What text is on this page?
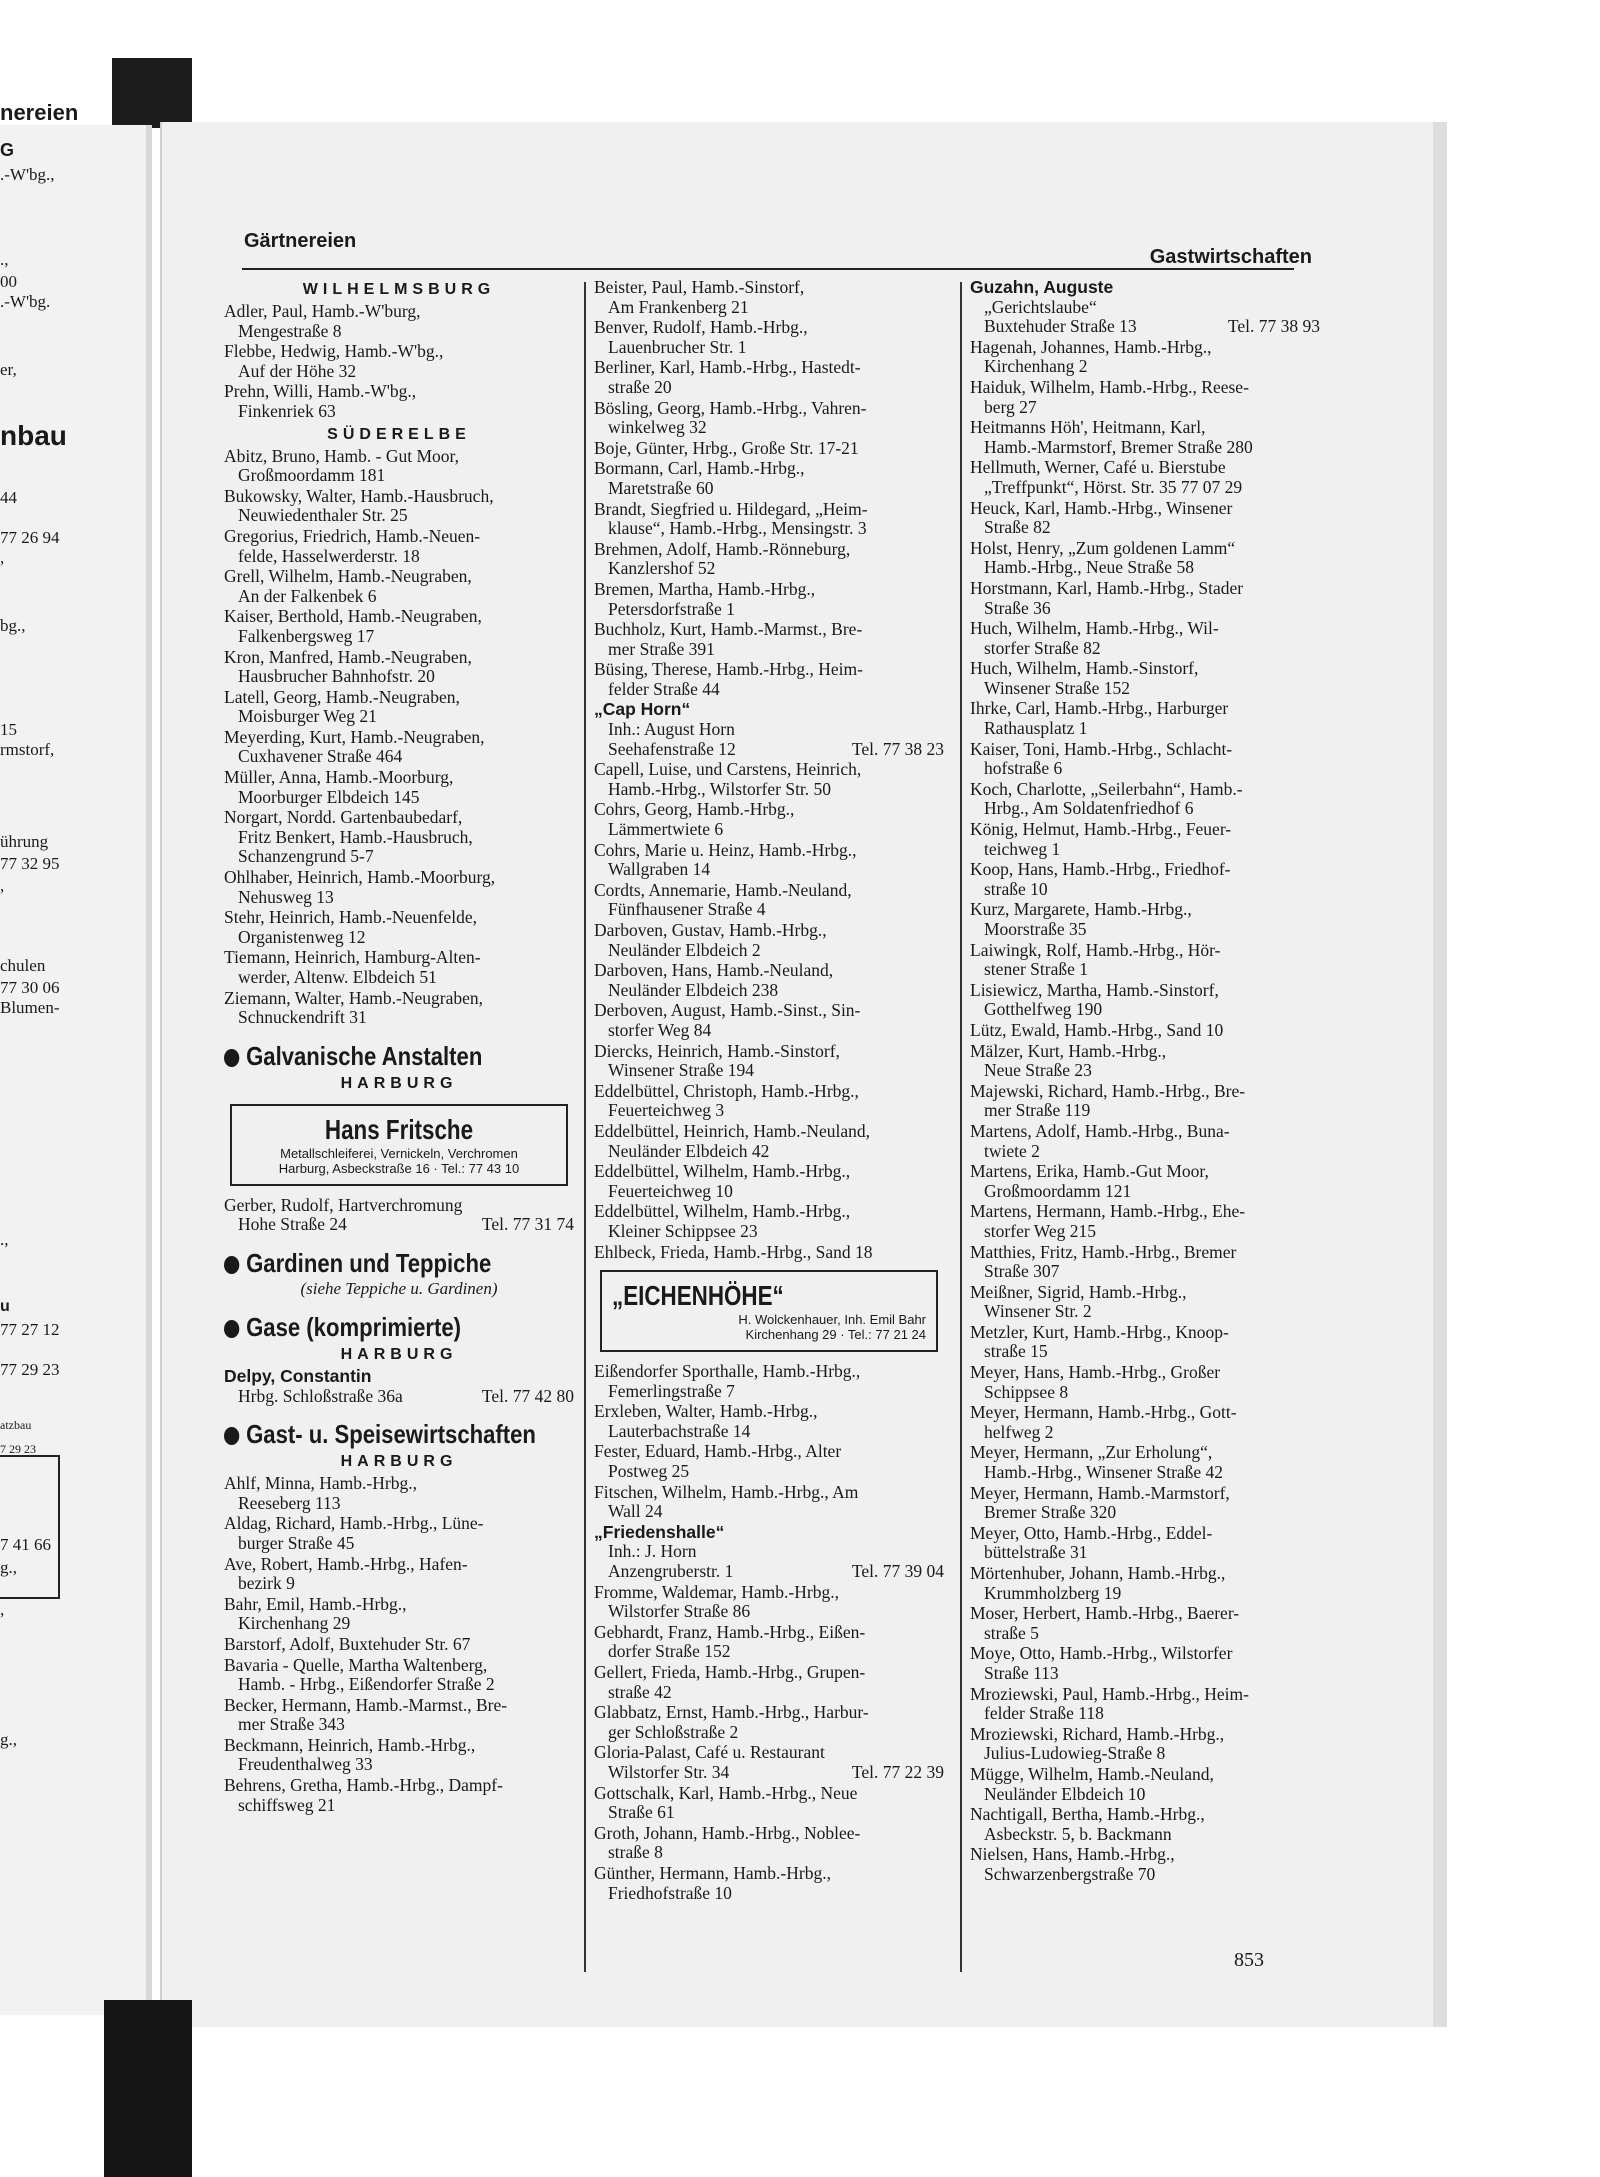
nereien
G
.-W'bg.,
.,
00
.-W'bg.
er,
nbau
44
77 26 94
,
bg.,
15
rmstorf,
ührung
77 32 95
,
chulen
77 30 06
Blumen-
.,
u
77 27 12
77 29 23
atzbau
7 29 23
7 41 66
g.,
,
g.,
Gärtnereien
Gastwirtschaften
WILHELMSBURG
Adler, Paul, Hamb.-W'burg,
Mengestraße 8
Flebbe, Hedwig, Hamb.-W'bg.,
Auf der Höhe 32
Prehn, Willi, Hamb.-W'bg.,
Finkenriek 63
SÜDERELBE
Abitz, Bruno, Hamb. - Gut Moor,
Großmoordamm 181
Bukowsky, Walter, Hamb.-Hausbruch,
Neuwiedenthaler Str. 25
Gregorius, Friedrich, Hamb.-Neuen-
felde, Hasselwerderstr. 18
Grell, Wilhelm, Hamb.-Neugraben,
An der Falkenbek 6
Kaiser, Berthold, Hamb.-Neugraben,
Falkenbergsweg 17
Kron, Manfred, Hamb.-Neugraben,
Hausbrucher Bahnhofstr. 20
Latell, Georg, Hamb.-Neugraben,
Moisburger Weg 21
Meyerding, Kurt, Hamb.-Neugraben,
Cuxhavener Straße 464
Müller, Anna, Hamb.-Moorburg,
Moorburger Elbdeich 145
Norgart, Nordd. Gartenbaubedarf,
Fritz Benkert, Hamb.-Hausbruch,
Schanzengrund 5-7
Ohlhaber, Heinrich, Hamb.-Moorburg,
Nehusweg 13
Stehr, Heinrich, Hamb.-Neuenfelde,
Organistenweg 12
Tiemann, Heinrich, Hamburg-Alten-
werder, Altenw. Elbdeich 51
Ziemann, Walter, Hamb.-Neugraben,
Schnuckendrift 31
Galvanische Anstalten
HARBURG
Hans Fritsche
Metallschleiferei, Vernickeln, Verchromen
Harburg, Asbeckstraße 16 · Tel.: 77 43 10
Gerber, Rudolf, Hartverchromung
Hohe Straße 24	Tel. 77 31 74
Gardinen und Teppiche
(siehe Teppiche u. Gardinen)
Gase (komprimierte)
HARBURG
Delpy, Constantin
Hrbg. Schloßstraße 36a	Tel. 77 42 80
Gast- u. Speisewirtschaften
HARBURG
Ahlf, Minna, Hamb.-Hrbg.,
Reeseberg 113
Aldag, Richard, Hamb.-Hrbg., Lüne-
burger Straße 45
Ave, Robert, Hamb.-Hrbg., Hafen-
bezirk 9
Bahr, Emil, Hamb.-Hrbg.,
Kirchenhang 29
Barstorf, Adolf, Buxtehuder Str. 67
Bavaria - Quelle, Martha Waltenberg,
Hamb. - Hrbg., Eißendorfer Straße 2
Becker, Hermann, Hamb.-Marmst., Bre-
mer Straße 343
Beckmann, Heinrich, Hamb.-Hrbg.,
Freudenthalweg 33
Behrens, Gretha, Hamb.-Hrbg., Dampf-
schiffsweg 21
Beister, Paul, Hamb.-Sinstorf,
Am Frankenberg 21
Benver, Rudolf, Hamb.-Hrbg.,
Lauenbrucher Str. 1
Berliner, Karl, Hamb.-Hrbg., Hastedt-
straße 20
Bösling, Georg, Hamb.-Hrbg., Vahren-
winkelweg 32
Boje, Günter, Hrbg., Große Str. 17-21
Bormann, Carl, Hamb.-Hrbg.,
Maretstraße 60
Brandt, Siegfried u. Hildegard, „Heim-
klause“, Hamb.-Hrbg., Mensingstr. 3
Brehmen, Adolf, Hamb.-Rönneburg,
Kanzlershof 52
Bremen, Martha, Hamb.-Hrbg.,
Petersdorfstraße 1
Buchholz, Kurt, Hamb.-Marmst., Bre-
mer Straße 391
Büsing, Therese, Hamb.-Hrbg., Heim-
felder Straße 44
„Cap Horn“
Inh.: August Horn
Seehafenstraße 12	Tel. 77 38 23
Capell, Luise, und Carstens, Heinrich,
Hamb.-Hrbg., Wilstorfer Str. 50
Cohrs, Georg, Hamb.-Hrbg.,
Lämmertwiete 6
Cohrs, Marie u. Heinz, Hamb.-Hrbg.,
Wallgraben 14
Cordts, Annemarie, Hamb.-Neuland,
Fünfhausener Straße 4
Darboven, Gustav, Hamb.-Hrbg.,
Neuländer Elbdeich 2
Darboven, Hans, Hamb.-Neuland,
Neuländer Elbdeich 238
Derboven, August, Hamb.-Sinst., Sin-
storfer Weg 84
Diercks, Heinrich, Hamb.-Sinstorf,
Winsener Straße 194
Eddelbüttel, Christoph, Hamb.-Hrbg.,
Feuerteichweg 3
Eddelbüttel, Heinrich, Hamb.-Neuland,
Neuländer Elbdeich 42
Eddelbüttel, Wilhelm, Hamb.-Hrbg.,
Feuerteichweg 10
Eddelbüttel, Wilhelm, Hamb.-Hrbg.,
Kleiner Schippsee 23
Ehlbeck, Frieda, Hamb.-Hrbg., Sand 18
„EICHENHÖHE“
H. Wolckenhauer, Inh. Emil Bahr
Kirchenhang 29 · Tel.: 77 21 24
Eißendorfer Sporthalle, Hamb.-Hrbg.,
Femerlingstraße 7
Erxleben, Walter, Hamb.-Hrbg.,
Lauterbachstraße 14
Fester, Eduard, Hamb.-Hrbg., Alter
Postweg 25
Fitschen, Wilhelm, Hamb.-Hrbg., Am
Wall 24
„Friedenshalle“
Inh.: J. Horn
Anzengruberstr. 1	Tel. 77 39 04
Fromme, Waldemar, Hamb.-Hrbg.,
Wilstorfer Straße 86
Gebhardt, Franz, Hamb.-Hrbg., Eißen-
dorfer Straße 152
Gellert, Frieda, Hamb.-Hrbg., Grupen-
straße 42
Glabbatz, Ernst, Hamb.-Hrbg., Harbur-
ger Schloßstraße 2
Gloria-Palast, Café u. Restaurant
Wilstorfer Str. 34	Tel. 77 22 39
Gottschalk, Karl, Hamb.-Hrbg., Neue
Straße 61
Groth, Johann, Hamb.-Hrbg., Noblee-
straße 8
Günther, Hermann, Hamb.-Hrbg.,
Friedhofstraße 10
Guzahn, Auguste
„Gerichtslaube“
Buxtehuder Straße 13	Tel. 77 38 93
Hagenah, Johannes, Hamb.-Hrbg.,
Kirchenhang 2
Haiduk, Wilhelm, Hamb.-Hrbg., Reese-
berg 27
Heitmanns Höh', Heitmann, Karl,
Hamb.-Marmstorf, Bremer Straße 280
Hellmuth, Werner, Café u. Bierstube
„Treffpunkt“, Hörst. Str. 35 77 07 29
Heuck, Karl, Hamb.-Hrbg., Winsener
Straße 82
Holst, Henry, „Zum goldenen Lamm“
Hamb.-Hrbg., Neue Straße 58
Horstmann, Karl, Hamb.-Hrbg., Stader
Straße 36
Huch, Wilhelm, Hamb.-Hrbg., Wil-
storfer Straße 82
Huch, Wilhelm, Hamb.-Sinstorf,
Winsener Straße 152
Ihrke, Carl, Hamb.-Hrbg., Harburger
Rathausplatz 1
Kaiser, Toni, Hamb.-Hrbg., Schlacht-
hofstraße 6
Koch, Charlotte, „Seilerbahn“, Hamb.-
Hrbg., Am Soldatenfriedhof 6
König, Helmut, Hamb.-Hrbg., Feuer-
teichweg 1
Koop, Hans, Hamb.-Hrbg., Friedhof-
straße 10
Kurz, Margarete, Hamb.-Hrbg.,
Moorstraße 35
Laiwingk, Rolf, Hamb.-Hrbg., Hör-
stener Straße 1
Lisiewicz, Martha, Hamb.-Sinstorf,
Gotthelfweg 190
Lütz, Ewald, Hamb.-Hrbg., Sand 10
Mälzer, Kurt, Hamb.-Hrbg.,
Neue Straße 23
Majewski, Richard, Hamb.-Hrbg., Bre-
mer Straße 119
Martens, Adolf, Hamb.-Hrbg., Buna-
twiete 2
Martens, Erika, Hamb.-Gut Moor,
Großmoordamm 121
Martens, Hermann, Hamb.-Hrbg., Ehe-
storfer Weg 215
Matthies, Fritz, Hamb.-Hrbg., Bremer
Straße 307
Meißner, Sigrid, Hamb.-Hrbg.,
Winsener Str. 2
Metzler, Kurt, Hamb.-Hrbg., Knoop-
straße 15
Meyer, Hans, Hamb.-Hrbg., Großer
Schippsee 8
Meyer, Hermann, Hamb.-Hrbg., Gott-
helfweg 2
Meyer, Hermann, „Zur Erholung“,
Hamb.-Hrbg., Winsener Straße 42
Meyer, Hermann, Hamb.-Marmstorf,
Bremer Straße 320
Meyer, Otto, Hamb.-Hrbg., Eddel-
büttelstraße 31
Mörtenhuber, Johann, Hamb.-Hrbg.,
Krummholzberg 19
Moser, Herbert, Hamb.-Hrbg., Baerer-
straße 5
Moye, Otto, Hamb.-Hrbg., Wilstorfer
Straße 113
Mroziewski, Paul, Hamb.-Hrbg., Heim-
felder Straße 118
Mroziewski, Richard, Hamb.-Hrbg.,
Julius-Ludowieg-Straße 8
Mügge, Wilhelm, Hamb.-Neuland,
Neuländer Elbdeich 10
Nachtigall, Bertha, Hamb.-Hrbg.,
Asbeckstr. 5, b. Backmann
Nielsen, Hans, Hamb.-Hrbg.,
Schwarzenbergstraße 70
853
